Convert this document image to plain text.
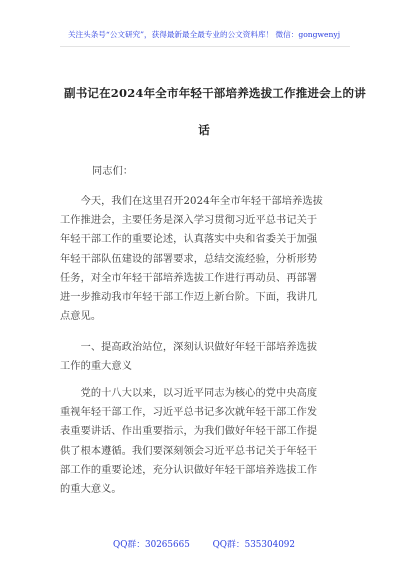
关注头条号“公文研究”，获得最新最全最专业的公文资料库！ 微信：gongwenyj
副书记在2024年全市年轻干部培养选拔工作推进会上的讲
话
同志们：
　　今天，我们在这里召开2024年全市年轻干部培养选拔
工作推进会，主要任务是深入学习贯彻习近平总书记关于
年轻干部工作的重要论述，认真落实中央和省委关于加强
年轻干部队伍建设的部署要求，总结交流经验，分析形势
任务，对全市年轻干部培养选拔工作进行再动员、再部署
进一步推动我市年轻干部工作迈上新台阶。下面，我讲几
点意见。
　　一、提高政治站位，深刻认识做好年轻干部培养选拔
工作的重大意义
　　党的十八大以来，以习近平同志为核心的党中央高度
重视年轻干部工作，习近平总书记多次就年轻干部工作发
表重要讲话、作出重要指示，为我们做好年轻干部工作提
供了根本遵循。我们要深刻领会习近平总书记关于年轻干
部工作的重要论述，充分认识做好年轻干部培养选拔工作
的重大意义。
QQ群：30265665	QQ群：535304092
